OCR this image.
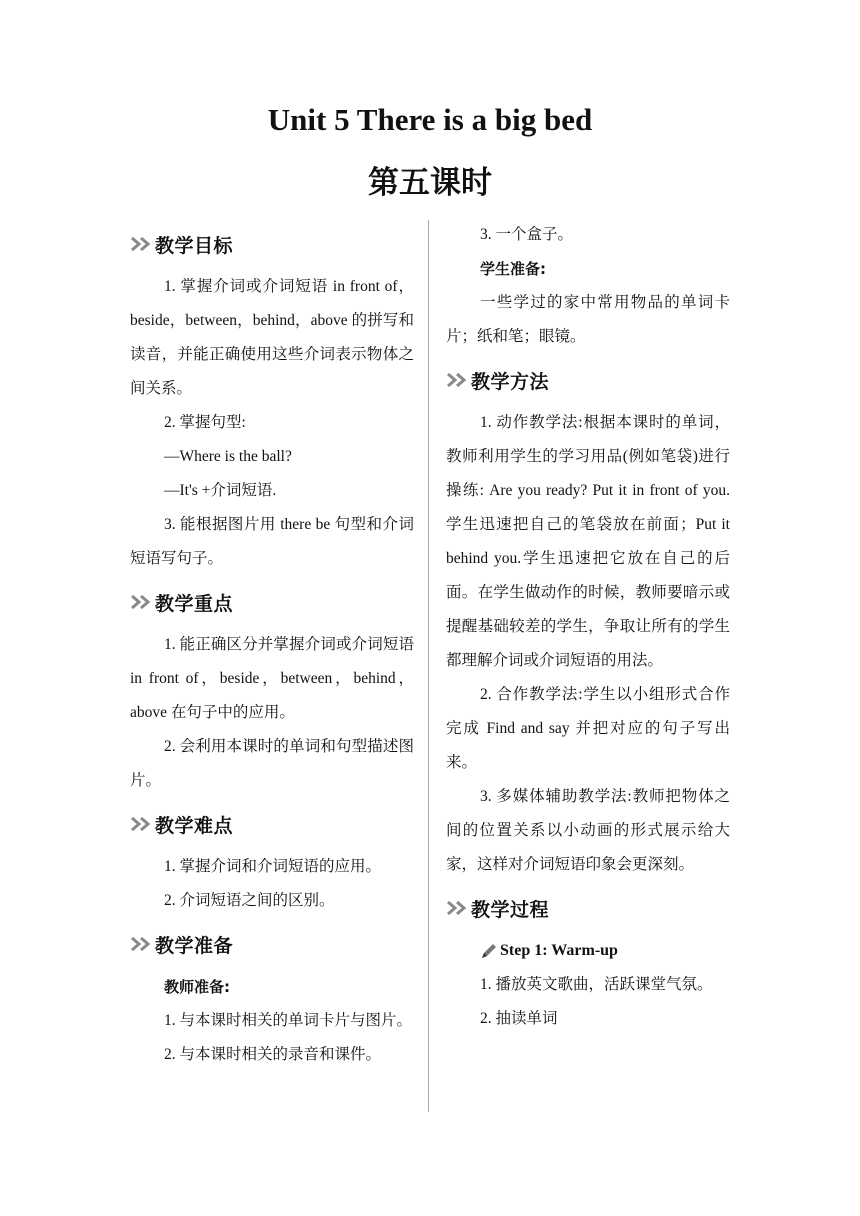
Unit 5 There is a big bed
第五课时
教学目标

1. 掌握介词或介词短语 in front of，beside，between，behind，above 的拼写和读音，并能正确使用这些介词表示物体之间关系。

2. 掌握句型:

—Where is the ball?

—It's +介词短语.

3. 能根据图片用 there be 句型和介词短语写句子。

教学重点

1. 能正确区分并掌握介词或介词短语 in front of，beside，between，behind，above 在句子中的应用。

2. 会利用本课时的单词和句型描述图片。

教学难点

1. 掌握介词和介词短语的应用。

2. 介词短语之间的区别。

教学准备

教师准备:

1. 与本课时相关的单词卡片与图片。

2. 与本课时相关的录音和课件。

3. 一个盒子。

学生准备:

一些学过的家中常用物品的单词卡片；纸和笔；眼镜。

教学方法

1. 动作教学法:根据本课时的单词，教师利用学生的学习用品(例如笔袋)进行操练: Are you ready? Put it in front of you.学生迅速把自己的笔袋放在前面；Put it behind you.学生迅速把它放在自己的后面。在学生做动作的时候，教师要暗示或提醒基础较差的学生，争取让所有的学生都理解介词或介词短语的用法。

2. 合作教学法:学生以小组形式合作完成 Find and say 并把对应的句子写出来。

3. 多媒体辅助教学法:教师把物体之间的位置关系以小动画的形式展示给大家，这样对介词短语印象会更深刻。

教学过程
Step 1: Warm-up

1. 播放英文歌曲，活跃课堂气氛。

2. 抽读单词
